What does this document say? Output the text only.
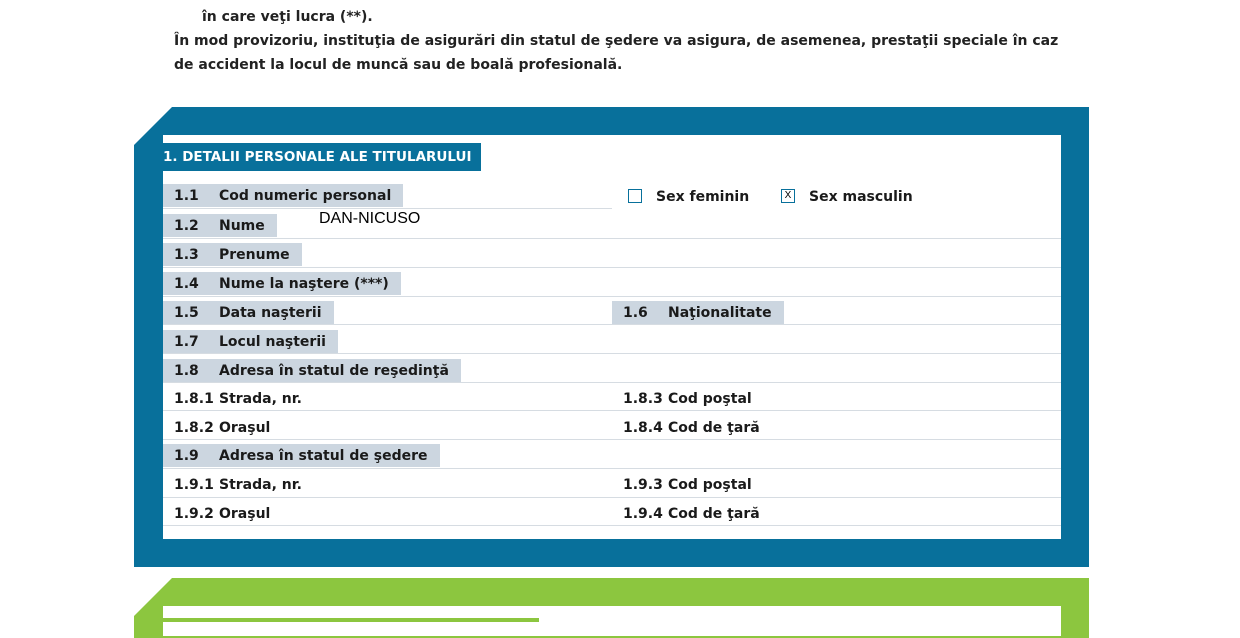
în care veţi lucra (**).
În mod provizoriu, instituţia de asigurări din statul de şedere va asigura, de asemenea, prestaţii speciale în caz
de accident la locul de muncă sau de boală profesională.
1. DETALII PERSONALE ALE TITULARULUI
1.1 Cod numeric personal	Sex feminin	X Sex masculin
1.2 Nume	DAN-NICUSO
1.3 Prenume
1.4 Nume la naştere (***)
1.5 Data naşterii	1.6 Naţionalitate
1.7 Locul naşterii
1.8 Adresa în statul de reşedinţă
1.8.1 Strada, nr.	1.8.3 Cod poştal
1.8.2 Oraşul	1.8.4 Cod de ţară
1.9 Adresa în statul de şedere
1.9.1 Strada, nr.	1.9.3 Cod poştal
1.9.2 Oraşul	1.9.4 Cod de ţară
